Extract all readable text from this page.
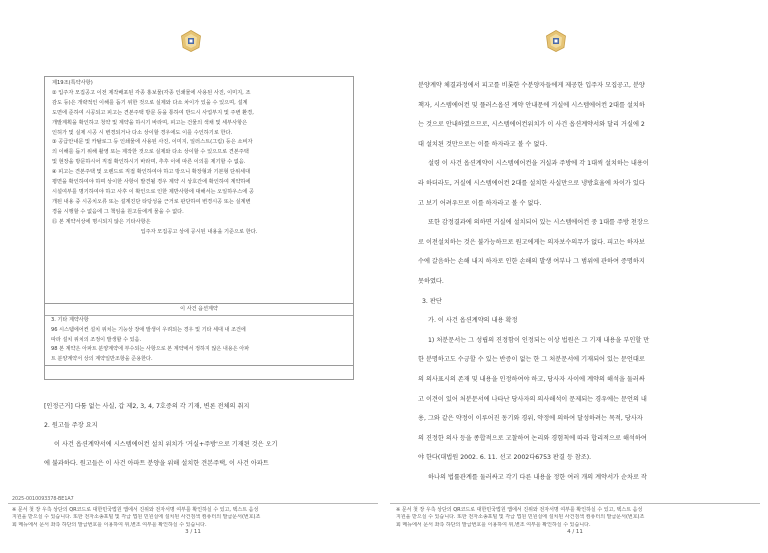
제19조(특약사항)
② 입주자 모집공고 이전 제작배포된 각종 홍보물(각종 인쇄물에 사용된 사진, 이미지, 조
감도 등)은 개략적인 이해를 돕기 위한 것으로 실제와 다소 차이가 있을 수 있으며, 설계
도면에 준하여 시공되고 피고는 견본주택 방문 등을 통하여 반드시 사업부지 및 주변 환경,
개발계획을 확인하고 청약 및 계약을 하시기 바라며, 피고는 건물의 색채 및 세부사항은
인허가 및 실제 시공 시 변경되거나 다소 상이할 경우에도 이를 수인하기로 한다.
③ 공급안내문 및 카탈로그 등 인쇄물에 사용된 사진, 이미지, 일러스트(그림) 등은 소비자
의 이해를 돕기 위해 촬영 또는 제작한 것으로 실제와 다소 상이할 수 있으므로 견본주택
및 현장을 방문하시어 직접 확인하시기 바라며, 추후 이에 따른 이의를 제기할 수 없음.
④ 피고는 견본주택 및 오렌드로 직접 확인하여야 하고 방으니 확장형과 기본형 단위세대
평면을 확인하여야 하며 상이한 사항이 발견될 경우 계약 시 상호간에 확인하여 계약하에
시설여부를 명기하여야 하고 사후 이 확인으로 인한 제반사항에 대해서는 오일하우스에 공
개된 내용 중 시공치오류 또는 설계진단 타당성을 근거로 판단하여 변경시공 또는 실계변
경을 시행할 수 없음에 그 책임을 원고들에게 물을 수 없다.
⑮ 본 계약서상에 명시되지 않은 기타사항은
입주자 모집공고 상에 공시된 내용을 기준으로 한다.
이 사건 옵션계약
3. 기타 계약사항
96 시스템에어컨 설치 위치는 기능상 장애 발생이 우려되는 경우 및 기타 세대 내 조건에
따라 설치 위치의 조정이 발생할 수 있음.
98 본 계약은 아파트 분양계약에 부수되는 사항으로 본 계약에서 정하지 않은 내용은 아파
트 분양계약서 상의 계약일반조항을 준용한다.
[인정근거] 다툼 없는 사실, 갑 제2, 3, 4, 7호증의 각 기재, 변론 전체의 취지
2. 원고들 주장 요지
이 사건 옵션계약서에 시스템에어컨 설치 위치가 '거실+주방'으로 기재된 것은 오기
에 불과하다. 원고들은 이 사건 아파트 분양을 위해 설치한 견본주택, 이 사건 아파트
※ 문서 첫 장 우측 상단의 QR코드로 대한민국법원 앱에서 진위와 전자서명 여부를 확인하실 수 있고, 텍스트 음성
지원을 받으실 수 있습니다. 또한 전자소송포털 및 각급 법원 민원실에 설치된 사건검색 컴퓨터의 발급문서(번호)조
회 메뉴에서 문서 좌측 하단의 발급번호를 이용하여 위,변조 여부를 확인하실 수 있습니다.
2025-0010093378-BE1A7
3 / 11
분양계약 체결과정에서 피고를 비롯한 수분양자들에게 제공한 입주자 모집공고, 분양
책자, 시스템에어컨 및 플러스옵션 계약 안내문에 거실에 시스템에어컨 2대를 설치하
는 것으로 안내하였으므로, 시스템에어컨위치가 이 사건 옵션계약서와 달리 거실에 2
대 설치된 것만으로는 이를 하자라고 볼 수 없다.
설령 이 사건 옵션계약이 시스템에어컨을 거실과 주방에 각 1대씩 설치하는 내용이
라 하더라도, 거실에 시스템에어컨 2대를 설치한 사실만으로 냉방효율에 차이가 있다
고 보기 어려우므로 이를 하자라고 볼 수 없다.
또한 감정결과에 의하면 거실에 설치되어 있는 시스템에어컨 중 1대를 주방 천장으
로 이전설치하는 것은 불가능하므로 원고에게는 의자보수의무가 없다. 피고는 하자보
수에 갈음하는 손해 내지 하자로 인한 손해의 발생 여부나 그 범위에 관하여 증명하지
못하였다.
3. 판단
가. 이 사건 옵션계약의 내용 확정
1) 처분문서는 그 성립의 진정함이 인정되는 이상 법원은 그 기재 내용을 부인할 만
한 분명하고도 수긍할 수 있는 반증이 없는 한 그 처분문서에 기재되어 있는 문언대로
의 의사표시의 존재 및 내용을 인정하여야 하고, 당사자 사이에 계약의 해석을 둘러싸
고 이견이 있어 처분문서에 나타난 당사자의 의사해석이 문제되는 경우에는 문언의 내
용, 그와 같은 약정이 이루어진 동기와 경위, 약정에 의하여 달성하려는 목적, 당사자
의 진정한 의사 등을 종합적으로 고찰하여 논리와 경험칙에 따라 합리적으로 해석하여
야 한다(대법원 2002. 6. 11. 선고 2002다6753 판결 등 참조).
하나의 법률관계를 둘러싸고 각기 다른 내용을 정한 여러 개의 계약서가 순차로 작
※ 문서 첫 장 우측 상단의 QR코드로 대한민국법원 앱에서 진위와 전자서명 여부를 확인하실 수 있고, 텍스트 음성
지원을 받으실 수 있습니다. 또한 전자소송포털 및 각급 법원 민원실에 설치된 사건검색 컴퓨터의 발급문서(번호)조
회 메뉴에서 문서 좌측 하단의 발급번호를 이용하여 위,변조 여부를 확인하실 수 있습니다.
4 / 11
